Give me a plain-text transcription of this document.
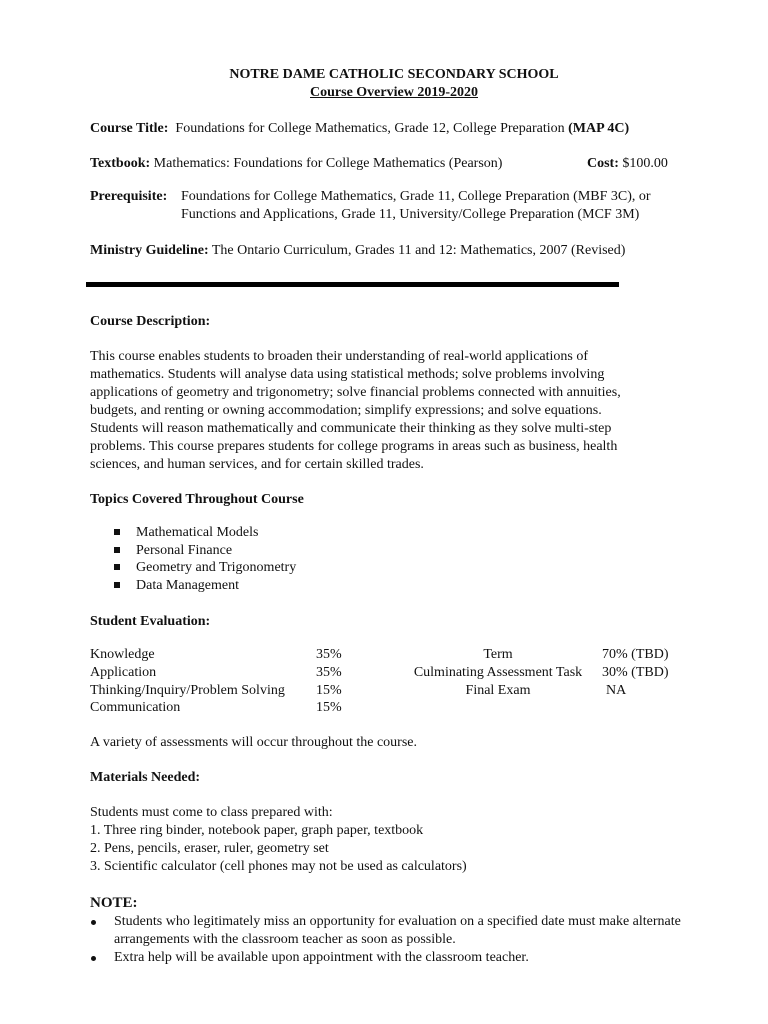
NOTRE DAME CATHOLIC SECONDARY SCHOOL
Course Overview 2019-2020
Course Title: Foundations for College Mathematics, Grade 12, College Preparation (MAP 4C)
Textbook: Mathematics: Foundations for College Mathematics (Pearson)	Cost: $100.00
Prerequisite: Foundations for College Mathematics, Grade 11, College Preparation (MBF 3C), or
Functions and Applications, Grade 11, University/College Preparation (MCF 3M)
Ministry Guideline: The Ontario Curriculum, Grades 11 and 12: Mathematics, 2007 (Revised)
Course Description:
This course enables students to broaden their understanding of real-world applications of mathematics. Students will analyse data using statistical methods; solve problems involving applications of geometry and trigonometry; solve financial problems connected with annuities, budgets, and renting or owning accommodation; simplify expressions; and solve equations. Students will reason mathematically and communicate their thinking as they solve multi-step problems. This course prepares students for college programs in areas such as business, health sciences, and human services, and for certain skilled trades.
Topics Covered Throughout Course
Mathematical Models
Personal Finance
Geometry and Trigonometry
Data Management
Student Evaluation:
Knowledge	35%	Term	70% (TBD)
Application	35%	Culminating Assessment Task	30% (TBD)
Thinking/Inquiry/Problem Solving 15%	Final Exam	NA
Communication	15%
A variety of assessments will occur throughout the course.
Materials Needed:
Students must come to class prepared with:
1. Three ring binder, notebook paper, graph paper, textbook
2. Pens, pencils, eraser, ruler, geometry set
3. Scientific calculator (cell phones may not be used as calculators)
NOTE:
Students who legitimately miss an opportunity for evaluation on a specified date must make alternate arrangements with the classroom teacher as soon as possible.
Extra help will be available upon appointment with the classroom teacher.
